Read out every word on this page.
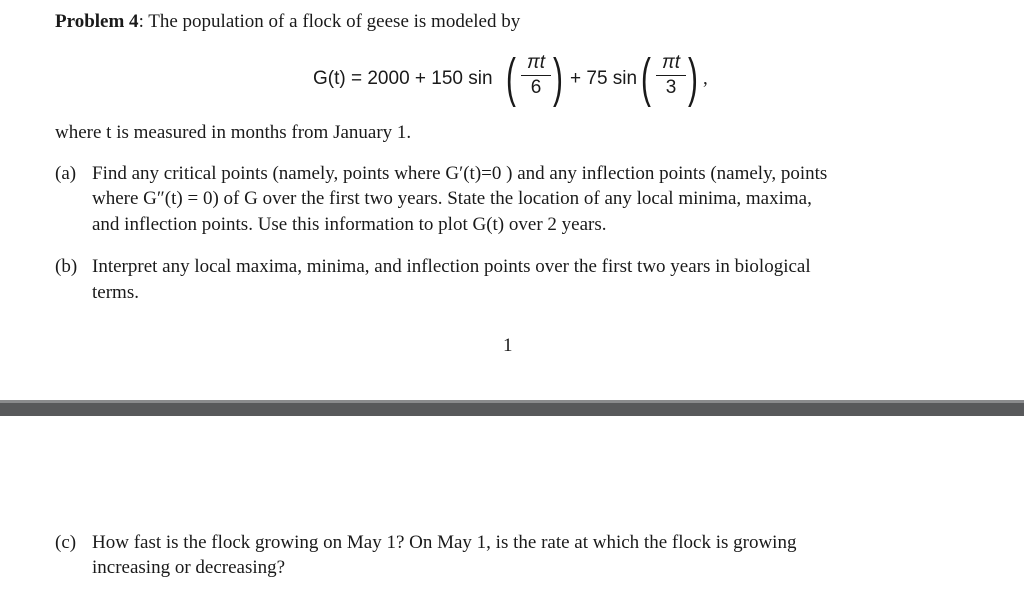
Problem 4: The population of a flock of geese is modeled by
G(t) = 2000 + 150 sin ( πt
6 ) + 75 sin ( πt
3 ) ,
where t is measured in months from January 1.
(a) Find any critical points (namely, points where G′(t)=0 ) and any inflection points (namely, points
where G″(t) = 0) of G over the first two years. State the location of any local minima, maxima,
and inflection points. Use this information to plot G(t) over 2 years.
(b) Interpret any local maxima, minima, and inflection points over the first two years in biological
terms.
1
(c) How fast is the flock growing on May 1? On May 1, is the rate at which the flock is growing
increasing or decreasing?
